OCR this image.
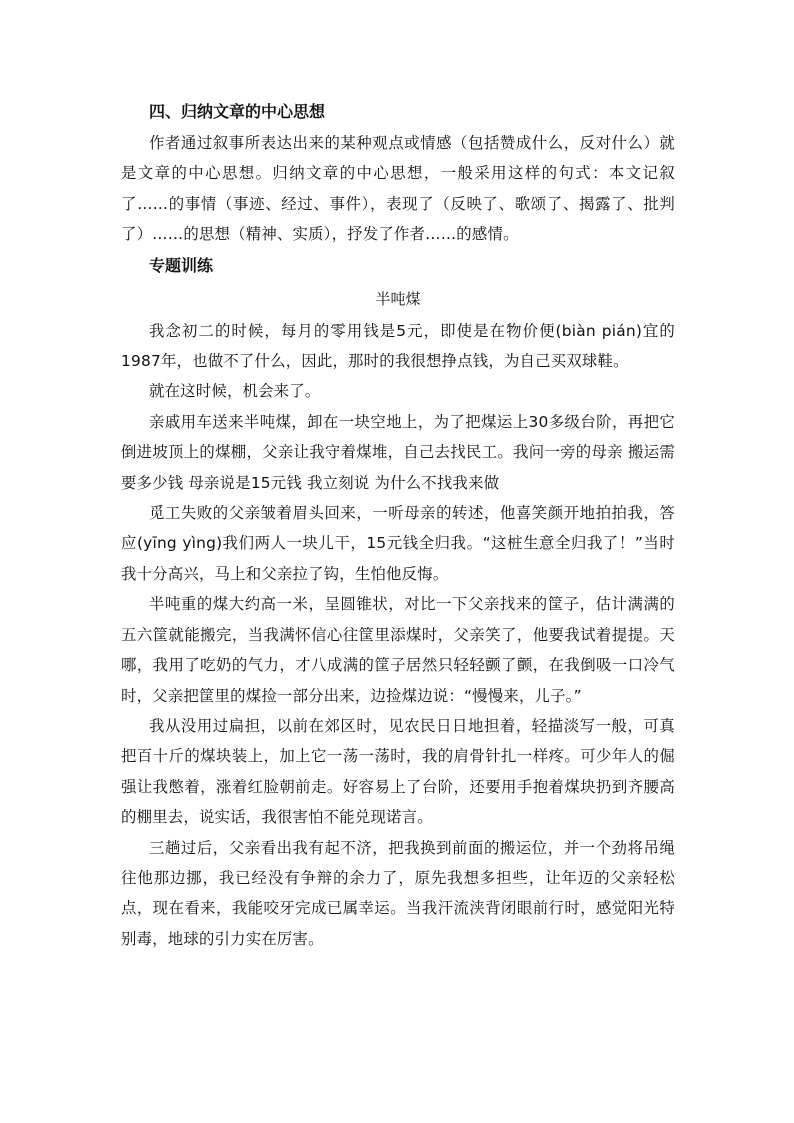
四、归纳文章的中心思想

作者通过叙事所表达出来的某种观点或情感（包括赞成什么，反对什么）就是文章的中心思想。归纳文章的中心思想，一般采用这样的句式：本文记叙了……的事情（事迹、经过、事件），表现了（反映了、歌颂了、揭露了、批判了）……的思想（精神、实质），抒发了作者……的感情。

专题训练

半吨煤

我念初二的时候，每月的零用钱是5元，即使是在物价便(biàn pián)宜的1987年，也做不了什么，因此，那时的我很想挣点钱，为自己买双球鞋。

就在这时候，机会来了。

亲戚用车送来半吨煤，卸在一块空地上，为了把煤运上30多级台阶，再把它倒进坡顶上的煤棚，父亲让我守着煤堆，自己去找民工。我问一旁的母亲 搬运需要多少钱 母亲说是15元钱 我立刻说 为什么不找我来做

觅工失败的父亲皱着眉头回来，一听母亲的转述，他喜笑颜开地拍拍我，答应(yīng yìng)我们两人一块儿干，15元钱全归我。“这桩生意全归我了！”当时我十分高兴，马上和父亲拉了钩，生怕他反悔。

半吨重的煤大约高一米，呈圆锥状，对比一下父亲找来的筐子，估计满满的五六筐就能搬完，当我满怀信心往筐里添煤时，父亲笑了，他要我试着提提。天哪，我用了吃奶的气力，才八成满的筐子居然只轻轻颤了颤，在我倒吸一口冷气时，父亲把筐里的煤捡一部分出来，边捡煤边说：“慢慢来，儿子。”

我从没用过扁担，以前在郊区时，见农民日日地担着，轻描淡写一般，可真把百十斤的煤块装上，加上它一荡一荡时，我的肩骨针扎一样疼。可少年人的倔强让我憋着，涨着红脸朝前走。好容易上了台阶，还要用手抱着煤块扔到齐腰高的棚里去，说实话，我很害怕不能兑现诺言。

三趟过后，父亲看出我有起不济，把我换到前面的搬运位，并一个劲将吊绳往他那边挪，我已经没有争辩的余力了，原先我想多担些，让年迈的父亲轻松点，现在看来，我能咬牙完成已属幸运。当我汗流浃背闭眼前行时，感觉阳光特别毒，地球的引力实在厉害。
